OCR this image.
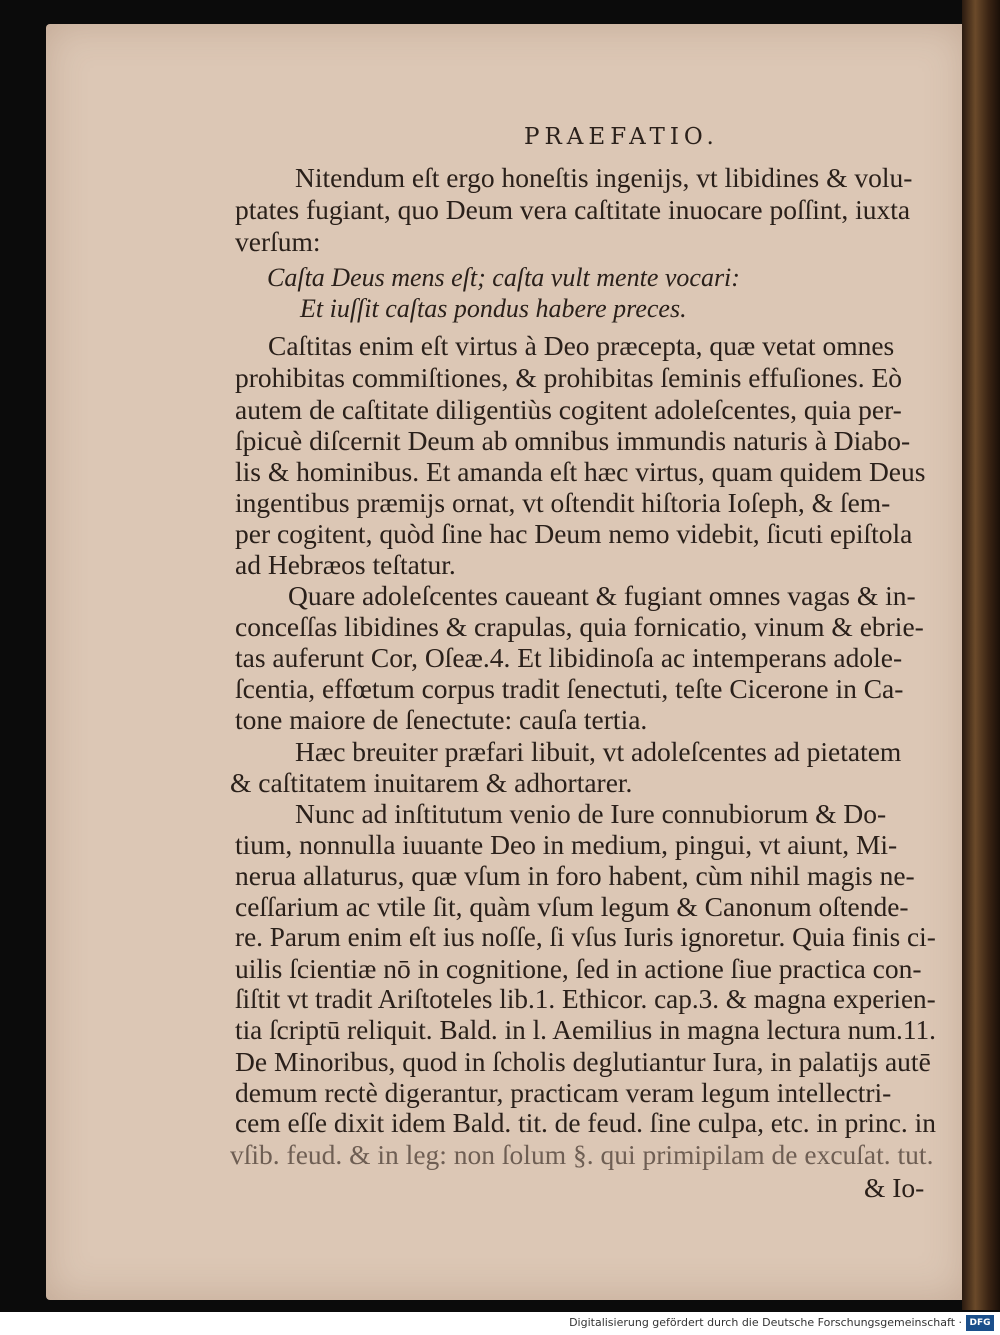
PRAEFATIO.
Nitendum eſt ergo honeſtis ingenijs, vt libidines & volu-
ptates fugiant, quo Deum vera caſtitate inuocare poſſint, iuxta
verſum:
Caſta Deus mens eſt; caſta vult mente vocari:
Et iuſſit caſtas pondus habere preces.
Caſtitas enim eſt virtus à Deo præcepta, quæ vetat omnes
prohibitas commiſtiones, & prohibitas ſeminis effuſiones. Eò
autem de caſtitate diligentiùs cogitent adoleſcentes, quia per-
ſpicuè diſcernit Deum ab omnibus immundis naturis à Diabo-
lis & hominibus. Et amanda eſt hæc virtus, quam quidem Deus
ingentibus præmijs ornat, vt oſtendit hiſtoria Ioſeph, & ſem-
per cogitent, quòd ſine hac Deum nemo videbit, ſicuti epiſtola
ad Hebræos teſtatur.
Quare adoleſcentes caueant & fugiant omnes vagas & in-
conceſſas libidines & crapulas, quia fornicatio, vinum & ebrie-
tas auferunt Cor, Oſeæ.4. Et libidinoſa ac intemperans adole-
ſcentia, effœtum corpus tradit ſenectuti, teſte Cicerone in Ca-
tone maiore de ſenectute: cauſa tertia.
Hæc breuiter præfari libuit, vt adoleſcentes ad pietatem
& caſtitatem inuitarem & adhortarer.
Nunc ad inſtitutum venio de Iure connubiorum & Do-
tium, nonnulla iuuante Deo in medium, pingui, vt aiunt, Mi-
nerua allaturus, quæ vſum in foro habent, cùm nihil magis ne-
ceſſarium ac vtile ſit, quàm vſum legum & Canonum oſtende-
re. Parum enim eſt ius noſſe, ſi vſus Iuris ignoretur. Quia finis ci-
uilis ſcientiæ nō in cognitione, ſed in actione ſiue practica con-
ſiſtit vt tradit Ariſtoteles lib.1. Ethicor. cap.3. & magna experien-
tia ſcriptū reliquit. Bald. in l. Aemilius in magna lectura num.11.
De Minoribus, quod in ſcholis deglutiantur Iura, in palatijs autē
demum rectè digerantur, practicam veram legum intellectri-
cem eſſe dixit idem Bald. tit. de feud. ſine culpa, etc. in princ. in
vſib. feud. & in leg: non ſolum §. qui primipilam de excuſat. tut.
& Io-
Digitalisierung gefördert durch die Deutsche Forschungsgemeinschaft · DFG
